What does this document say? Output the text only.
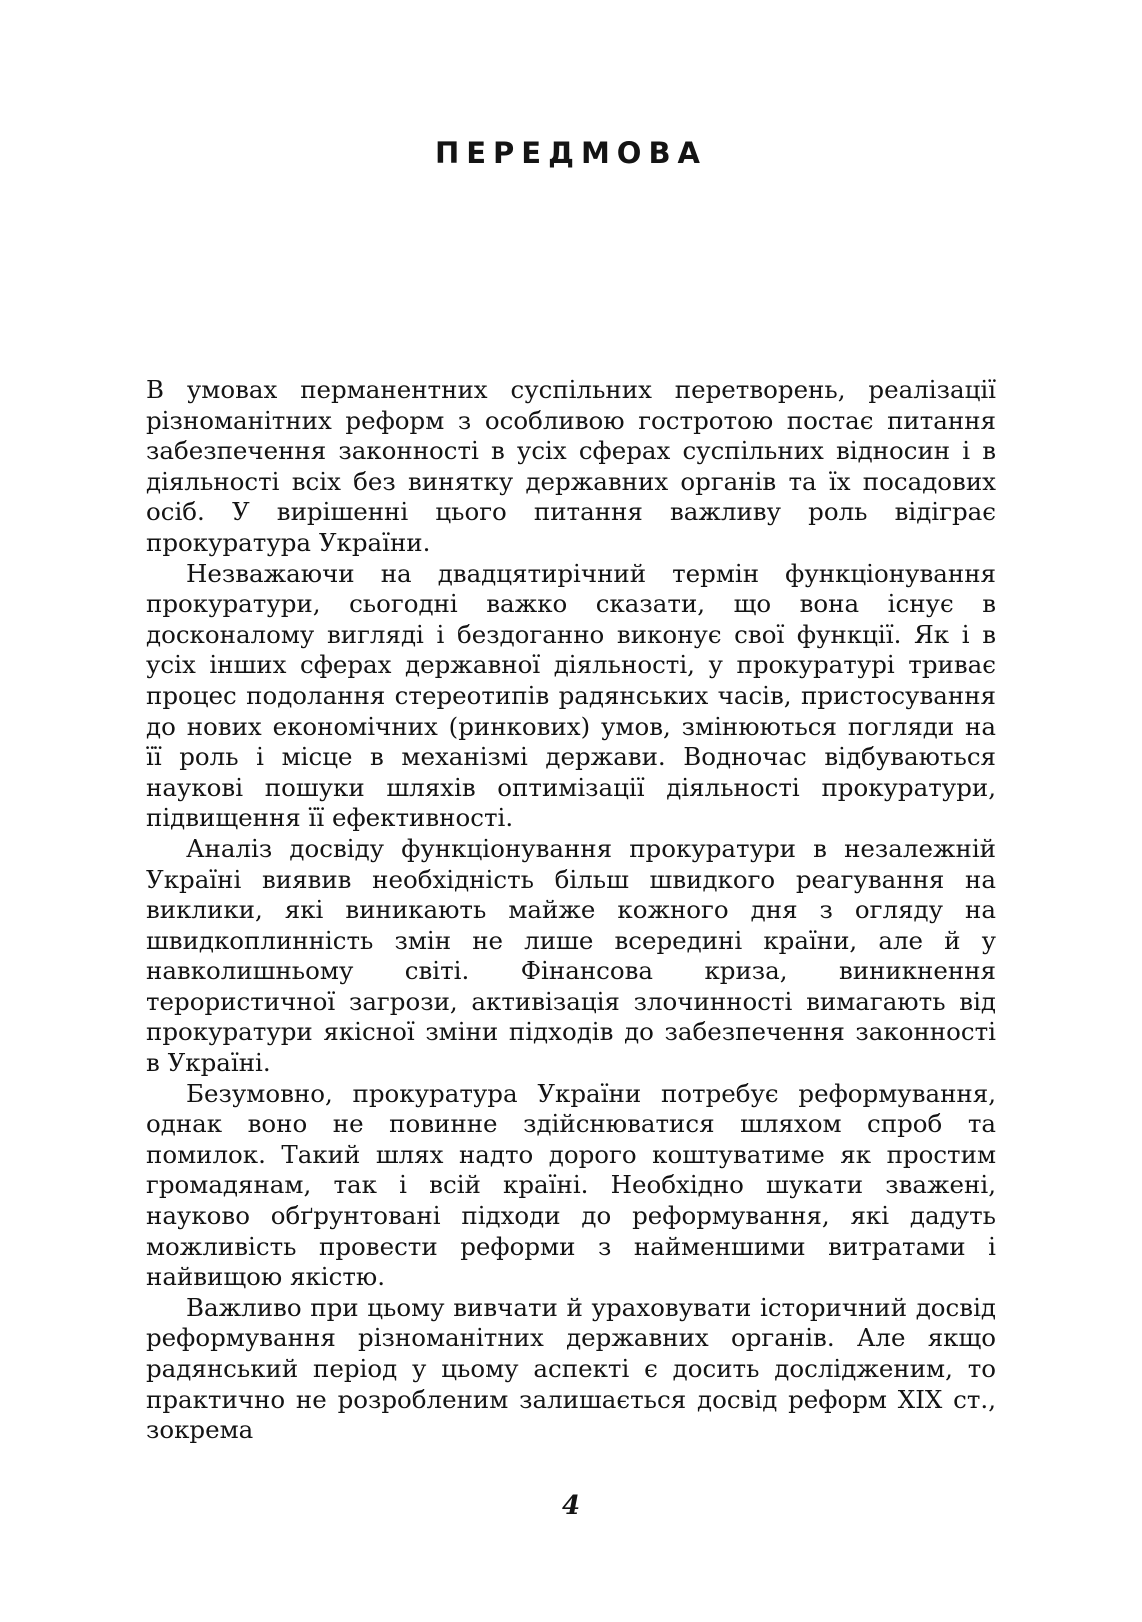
ПЕРЕДМОВА

В умовах перманентних суспільних перетворень, реалізації різноманітних реформ з особливою гостротою постає питання забезпечення законності в усіх сферах суспільних відносин і в діяльності всіх без винятку державних органів та їх посадових осіб. У вирішенні цього питання важливу роль відіграє прокуратура України.

Незважаючи на двадцятирічний термін функціонування прокуратури, сьогодні важко сказати, що вона існує в досконалому вигляді і бездоганно виконує свої функції. Як і в усіх інших сферах державної діяльності, у прокуратурі триває процес подолання стереотипів радянських часів, пристосування до нових економічних (ринкових) умов, змінюються погляди на її роль і місце в механізмі держави. Водночас відбуваються наукові пошуки шляхів оптимізації діяльності прокуратури, підвищення її ефективності.

Аналіз досвіду функціонування прокуратури в незалежній Україні виявив необхідність більш швидкого реагування на виклики, які виникають майже кожного дня з огляду на швидкоплинність змін не лише всередині країни, але й у навколишньому світі. Фінансова криза, виникнення терористичної загрози, активізація злочинності вимагають від прокуратури якісної зміни підходів до забезпечення законності в Україні.

Безумовно, прокуратура України потребує реформування, однак воно не повинне здійснюватися шляхом спроб та помилок. Такий шлях надто дорого коштуватиме як простим громадянам, так і всій країні. Необхідно шукати зважені, науково обґрунтовані підходи до реформування, які дадуть можливість провести реформи з найменшими витратами і найвищою якістю.

Важливо при цьому вивчати й ураховувати історичний досвід реформування різноманітних державних органів. Але якщо радянський період у цьому аспекті є досить дослідженим, то практично не розробленим залишається досвід реформ XIX ст., зокрема

4
